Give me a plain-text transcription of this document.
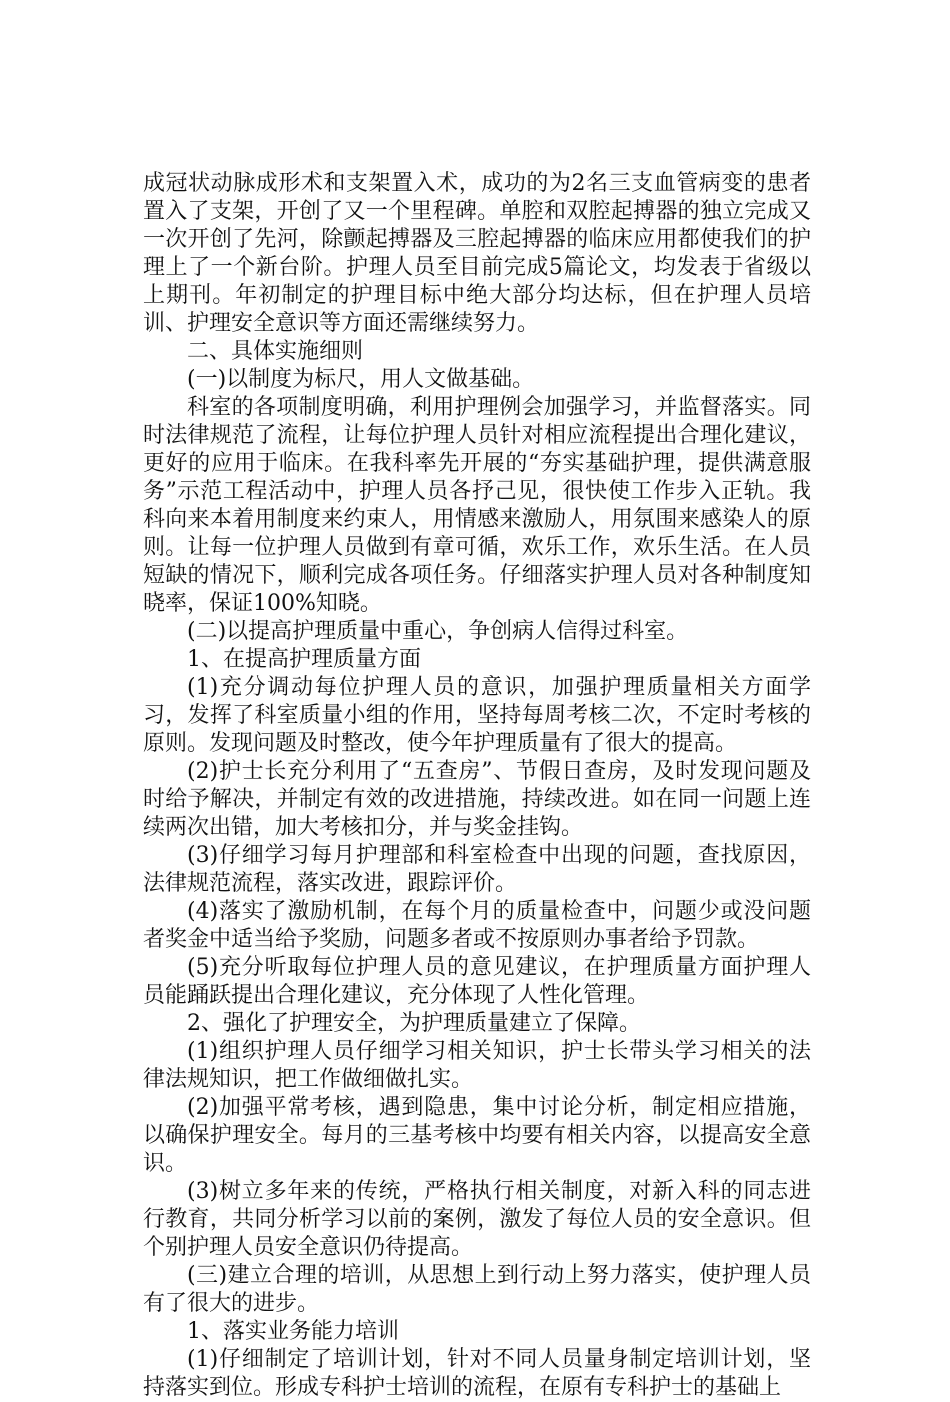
成冠状动脉成形术和支架置入术，成功的为2名三支血管病变的患者置入了支架，开创了又一个里程碑。单腔和双腔起搏器的独立完成又一次开创了先河，除颤起搏器及三腔起搏器的临床应用都使我们的护理上了一个新台阶。护理人员至目前完成5篇论文，均发表于省级以上期刊。年初制定的护理目标中绝大部分均达标，但在护理人员培训、护理安全意识等方面还需继续努力。

二、具体实施细则

(一)以制度为标尺，用人文做基础。

科室的各项制度明确，利用护理例会加强学习，并监督落实。同时法律规范了流程，让每位护理人员针对相应流程提出合理化建议，更好的应用于临床。在我科率先开展的“夯实基础护理，提供满意服务”示范工程活动中，护理人员各抒己见，很快使工作步入正轨。我科向来本着用制度来约束人，用情感来激励人，用氛围来感染人的原则。让每一位护理人员做到有章可循，欢乐工作，欢乐生活。在人员短缺的情况下，顺利完成各项任务。仔细落实护理人员对各种制度知晓率，保证100%知晓。

(二)以提高护理质量中重心，争创病人信得过科室。

1、在提高护理质量方面

(1)充分调动每位护理人员的意识，加强护理质量相关方面学习，发挥了科室质量小组的作用，坚持每周考核二次，不定时考核的原则。发现问题及时整改，使今年护理质量有了很大的提高。

(2)护士长充分利用了“五查房”、节假日查房，及时发现问题及时给予解决，并制定有效的改进措施，持续改进。如在同一问题上连续两次出错，加大考核扣分，并与奖金挂钩。

(3)仔细学习每月护理部和科室检查中出现的问题，查找原因，法律规范流程，落实改进，跟踪评价。

(4)落实了激励机制，在每个月的质量检查中，问题少或没问题者奖金中适当给予奖励，问题多者或不按原则办事者给予罚款。

(5)充分听取每位护理人员的意见建议，在护理质量方面护理人员能踊跃提出合理化建议，充分体现了人性化管理。

2、强化了护理安全，为护理质量建立了保障。

(1)组织护理人员仔细学习相关知识，护士长带头学习相关的法律法规知识，把工作做细做扎实。

(2)加强平常考核，遇到隐患，集中讨论分析，制定相应措施，以确保护理安全。每月的三基考核中均要有相关内容，以提高安全意识。

(3)树立多年来的传统，严格执行相关制度，对新入科的同志进行教育，共同分析学习以前的案例，激发了每位人员的安全意识。但个别护理人员安全意识仍待提高。

(三)建立合理的培训，从思想上到行动上努力落实，使护理人员有了很大的进步。

1、落实业务能力培训

(1)仔细制定了培训计划，针对不同人员量身制定培训计划，坚持落实到位。形成专科护士培训的流程，在原有专科护士的基础上
